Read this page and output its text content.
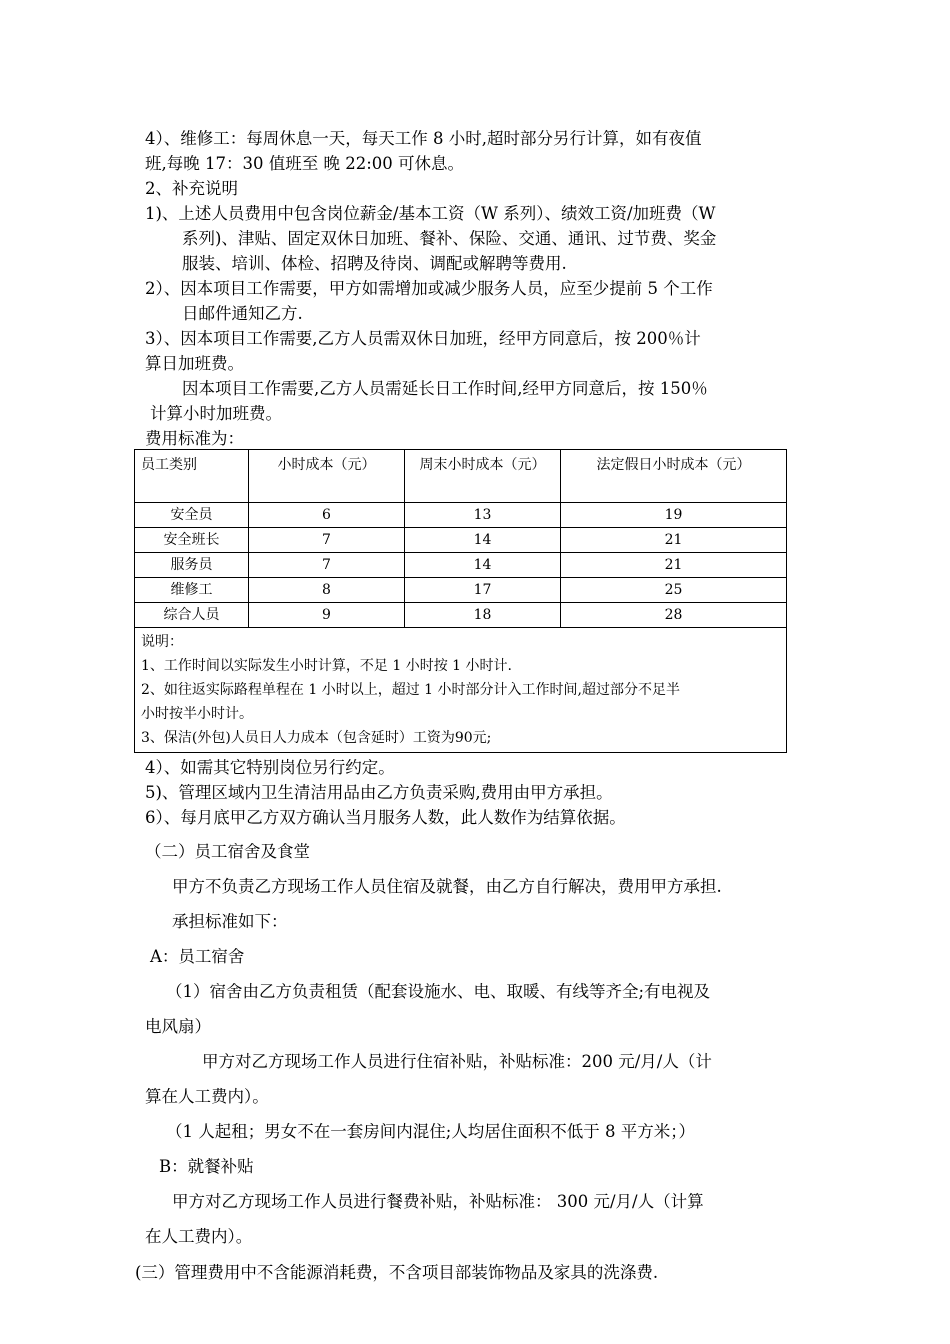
4）、维修工：每周休息一天，每天工作 8 小时,超时部分另行计算，如有夜值
班,每晚 17：30 值班至 晚 22:00 可休息。
2、补充说明
1)、上述人员费用中包含岗位薪金/基本工资（W 系列）、绩效工资/加班费（W
系列)、津贴、固定双休日加班、餐补、保险、交通、通讯、过节费、奖金
服装、培训、体检、招聘及待岗、调配或解聘等费用.
2）、因本项目工作需要，甲方如需增加或减少服务人员，应至少提前 5 个工作
日邮件通知乙方.
3）、因本项目工作需要,乙方人员需双休日加班，经甲方同意后，按 200％计
算日加班费。
因本项目工作需要,乙方人员需延长日工作时间,经甲方同意后，按 150％
计算小时加班费。
费用标准为：
员工类别	小时成本（元）	周末小时成本（元）	法定假日小时成本（元）
安全员	6	13	19
安全班长	7	14	21
服务员	7	14	21
维修工	8	17	25
综合人员	9	18	28

说明：
1、工作时间以实际发生小时计算，不足 1 小时按 1 小时计.
2、如往返实际路程单程在 1 小时以上，超过 1 小时部分计入工作时间,超过部分不足半
小时按半小时计。
3、保洁(外包)人员日人力成本（包含延时）工资为90元;			
4）、如需其它特别岗位另行约定。
5)、管理区域内卫生清洁用品由乙方负责采购,费用由甲方承担。
6）、每月底甲乙方双方确认当月服务人数，此人数作为结算依据。
（二）员工宿舍及食堂
甲方不负责乙方现场工作人员住宿及就餐，由乙方自行解决，费用甲方承担.
承担标准如下：
A：员工宿舍
（1）宿舍由乙方负责租赁（配套设施水、电、取暖、有线等齐全;有电视及
电风扇）
甲方对乙方现场工作人员进行住宿补贴，补贴标准：200 元/月/人（计
算在人工费内）。
（1 人起租；男女不在一套房间内混住;人均居住面积不低于 8 平方米；）
B：就餐补贴
甲方对乙方现场工作人员进行餐费补贴，补贴标准： 300 元/月/人（计算
在人工费内）。
(三）管理费用中不含能源消耗费，不含项目部装饰物品及家具的洗涤费.
